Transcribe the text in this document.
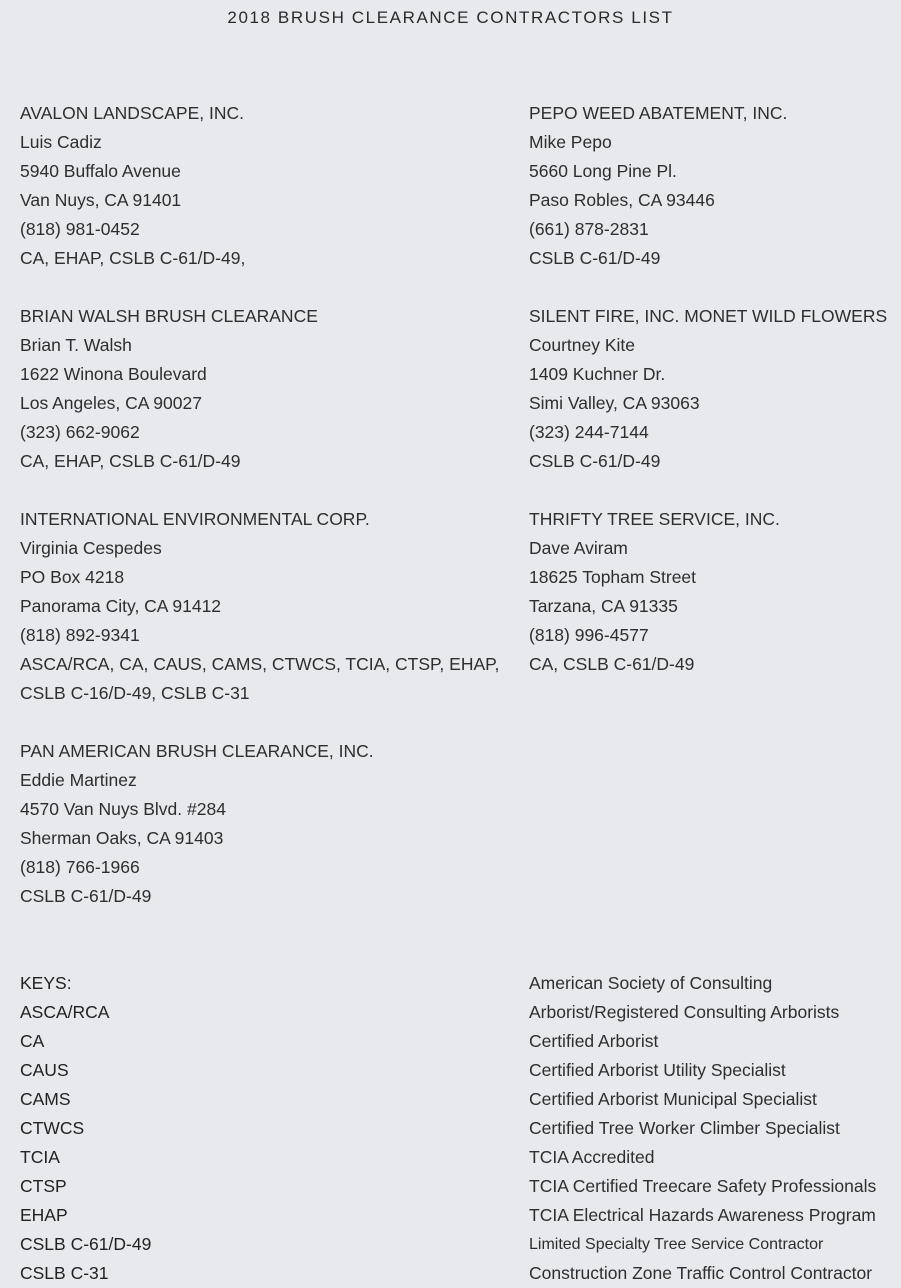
2018 BRUSH CLEARANCE CONTRACTORS LIST
AVALON LANDSCAPE, INC.
Luis Cadiz
5940 Buffalo Avenue
Van Nuys, CA 91401
(818) 981-0452
CA, EHAP, CSLB C-61/D-49,
BRIAN WALSH BRUSH CLEARANCE
Brian T. Walsh
1622 Winona Boulevard
Los Angeles, CA 90027
(323) 662-9062
CA, EHAP, CSLB C-61/D-49
INTERNATIONAL ENVIRONMENTAL CORP.
Virginia Cespedes
PO Box 4218
Panorama City, CA 91412
(818) 892-9341
ASCA/RCA, CA, CAUS, CAMS, CTWCS, TCIA, CTSP, EHAP,
CSLB C-16/D-49, CSLB C-31
PAN AMERICAN BRUSH CLEARANCE, INC.
Eddie Martinez
4570 Van Nuys Blvd. #284
Sherman Oaks, CA 91403
(818) 766-1966
CSLB C-61/D-49
PEPO WEED ABATEMENT, INC.
Mike Pepo
5660 Long Pine Pl.
Paso Robles, CA 93446
(661) 878-2831
CSLB C-61/D-49
SILENT FIRE, INC. MONET WILD FLOWERS
Courtney Kite
1409 Kuchner Dr.
Simi Valley, CA 93063
(323) 244-7144
CSLB C-61/D-49
THRIFTY TREE SERVICE, INC.
Dave Aviram
18625 Topham Street
Tarzana, CA 91335
(818) 996-4577
CA, CSLB C-61/D-49
KEYS:	American Society of Consulting
ASCA/RCA	Arborist/Registered Consulting Arborists
CA	Certified Arborist
CAUS	Certified Arborist Utility Specialist
CAMS	Certified Arborist Municipal Specialist
CTWCS	Certified Tree Worker Climber Specialist
TCIA	TCIA Accredited
CTSP	TCIA Certified Treecare Safety Professionals
EHAP	TCIA Electrical Hazards Awareness Program
CSLB C-61/D-49	Limited Specialty Tree Service Contractor
CSLB C-31	Construction Zone Traffic Control Contractor
